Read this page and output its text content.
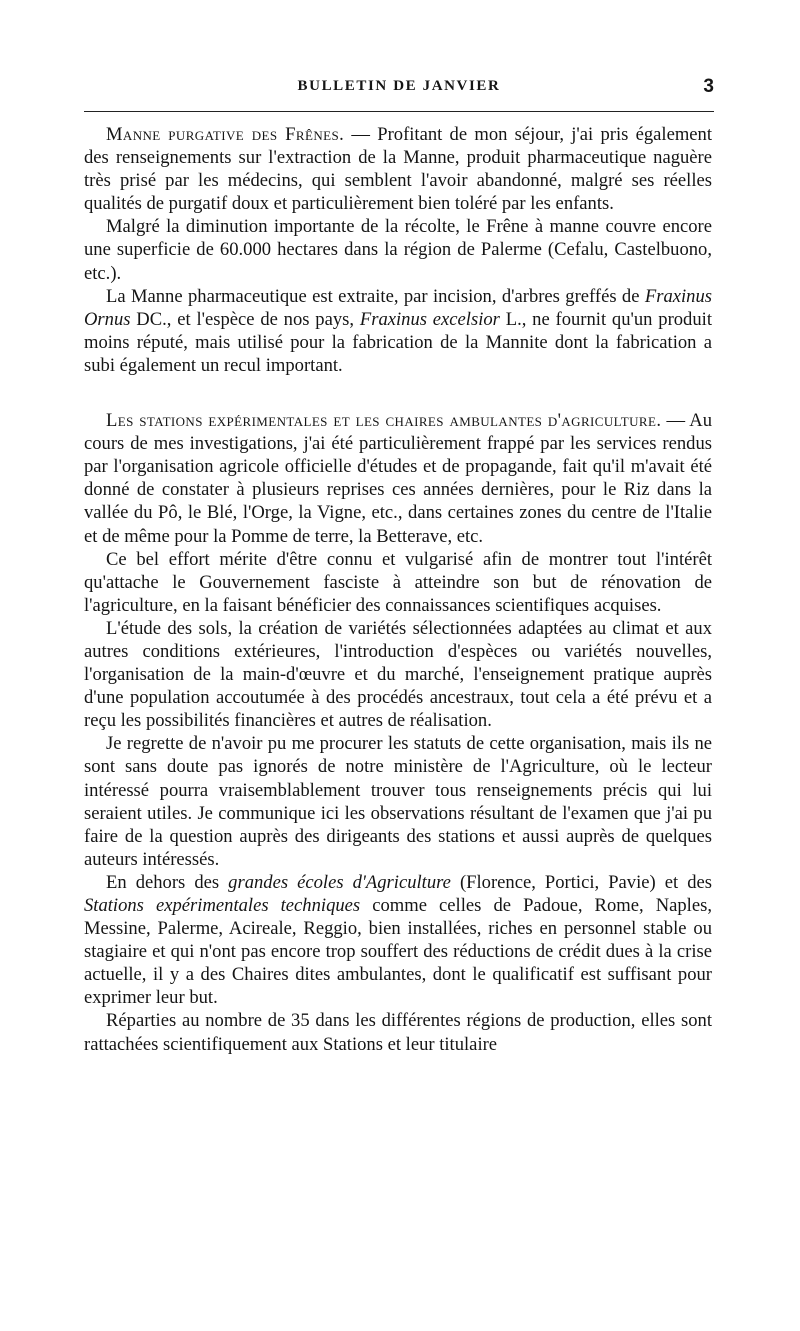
BULLETIN DE JANVIER	3

Manne purgative des Frênes. — Profitant de mon séjour, j'ai pris également des renseignements sur l'extraction de la Manne, produit pharmaceutique naguère très prisé par les médecins, qui semblent l'avoir abandonné, malgré ses réelles qualités de purgatif doux et particulièrement bien toléré par les enfants.

Malgré la diminution importante de la récolte, le Frêne à manne couvre encore une superficie de 60.000 hectares dans la région de Palerme (Cefalu, Castelbuono, etc.).

La Manne pharmaceutique est extraite, par incision, d'arbres greffés de Fraxinus Ornus DC., et l'espèce de nos pays, Fraxinus excelsior L., ne fournit qu'un produit moins réputé, mais utilisé pour la fabrication de la Mannite dont la fabrication a subi également un recul important.

Les stations expérimentales et les chaires ambulantes d'agriculture. — Au cours de mes investigations, j'ai été particulièrement frappé par les services rendus par l'organisation agricole officielle d'études et de propagande, fait qu'il m'avait été donné de constater à plusieurs reprises ces années dernières, pour le Riz dans la vallée du Pô, le Blé, l'Orge, la Vigne, etc., dans certaines zones du centre de l'Italie et de même pour la Pomme de terre, la Betterave, etc.

Ce bel effort mérite d'être connu et vulgarisé afin de montrer tout l'intérêt qu'attache le Gouvernement fasciste à atteindre son but de rénovation de l'agriculture, en la faisant bénéficier des connaissances scientifiques acquises.

L'étude des sols, la création de variétés sélectionnées adaptées au climat et aux autres conditions extérieures, l'introduction d'espèces ou variétés nouvelles, l'organisation de la main-d'œuvre et du marché, l'enseignement pratique auprès d'une population accoutumée à des procédés ancestraux, tout cela a été prévu et a reçu les possibilités financières et autres de réalisation.

Je regrette de n'avoir pu me procurer les statuts de cette organisation, mais ils ne sont sans doute pas ignorés de notre ministère de l'Agriculture, où le lecteur intéressé pourra vraisemblablement trouver tous renseignements précis qui lui seraient utiles. Je communique ici les observations résultant de l'examen que j'ai pu faire de la question auprès des dirigeants des stations et aussi auprès de quelques auteurs intéressés.

En dehors des grandes écoles d'Agriculture (Florence, Portici, Pavie) et des Stations expérimentales techniques comme celles de Padoue, Rome, Naples, Messine, Palerme, Acireale, Reggio, bien installées, riches en personnel stable ou stagiaire et qui n'ont pas encore trop souffert des réductions de crédit dues à la crise actuelle, il y a des Chaires dites ambulantes, dont le qualificatif est suffisant pour exprimer leur but.

Réparties au nombre de 35 dans les différentes régions de production, elles sont rattachées scientifiquement aux Stations et leur titulaire
